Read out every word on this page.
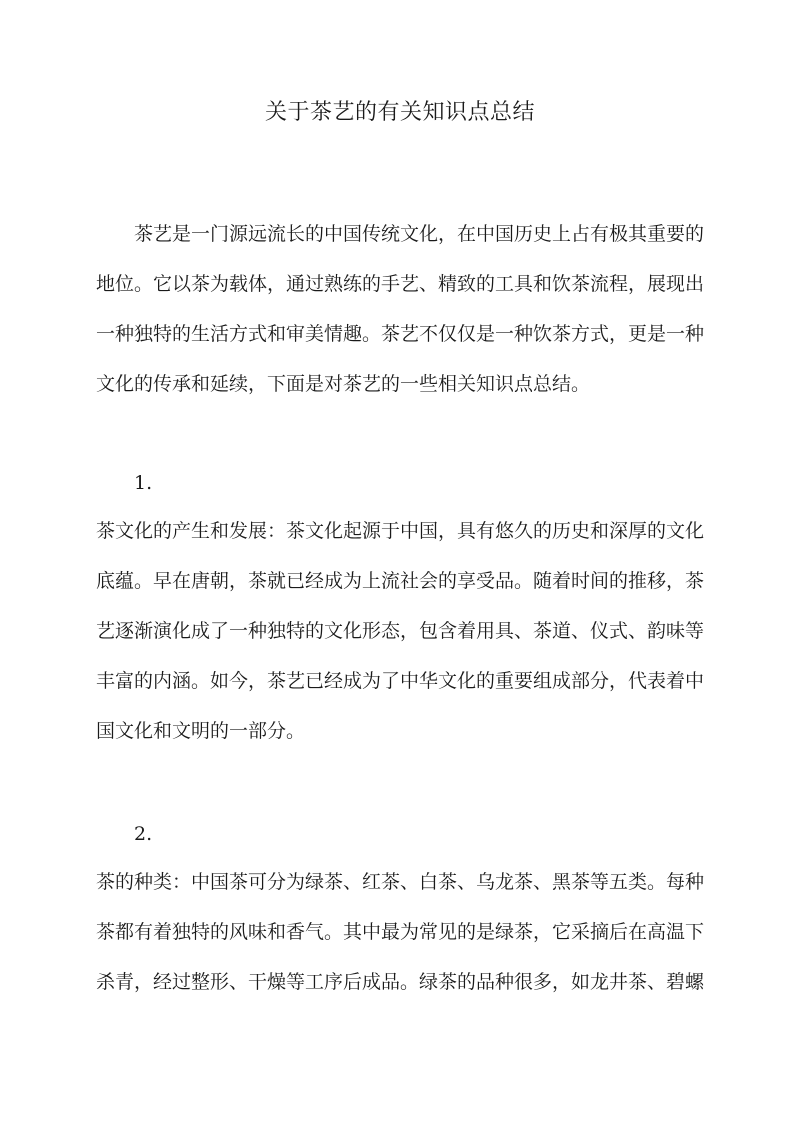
关于茶艺的有关知识点总结

茶艺是一门源远流长的中国传统文化，在中国历史上占有极其重要的地位。它以茶为载体，通过熟练的手艺、精致的工具和饮茶流程，展现出一种独特的生活方式和审美情趣。茶艺不仅仅是一种饮茶方式，更是一种文化的传承和延续，下面是对茶艺的一些相关知识点总结。

1.

茶文化的产生和发展：茶文化起源于中国，具有悠久的历史和深厚的文化底蕴。早在唐朝，茶就已经成为上流社会的享受品。随着时间的推移，茶艺逐渐演化成了一种独特的文化形态，包含着用具、茶道、仪式、韵味等丰富的内涵。如今，茶艺已经成为了中华文化的重要组成部分，代表着中国文化和文明的一部分。

2.

茶的种类：中国茶可分为绿茶、红茶、白茶、乌龙茶、黑茶等五类。每种茶都有着独特的风味和香气。其中最为常见的是绿茶，它采摘后在高温下杀青，经过整形、干燥等工序后成品。绿茶的品种很多，如龙井茶、碧螺
